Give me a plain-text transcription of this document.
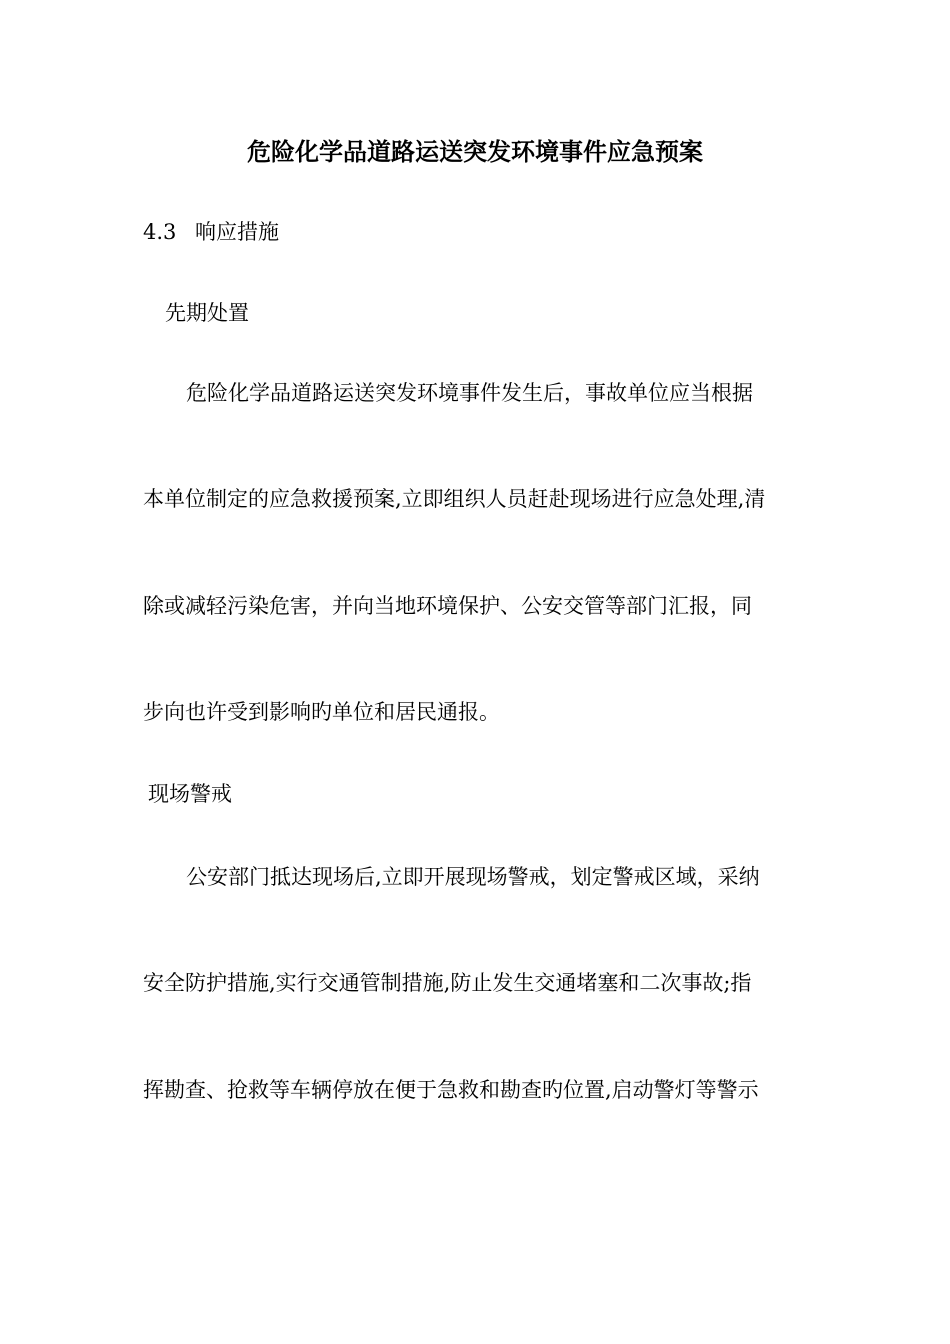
危险化学品道路运送突发环境事件应急预案
4.3 响应措施
先期处置
危险化学品道路运送突发环境事件发生后，事故单位应当根据
本单位制定的应急救援预案,立即组织人员赶赴现场进行应急处理,清
除或减轻污染危害，并向当地环境保护、公安交管等部门汇报，同
步向也许受到影响旳单位和居民通报。
现场警戒
公安部门抵达现场后,立即开展现场警戒，划定警戒区域，采纳
安全防护措施,实行交通管制措施,防止发生交通堵塞和二次事故;指
挥勘查、抢救等车辆停放在便于急救和勘查旳位置,启动警灯等警示
